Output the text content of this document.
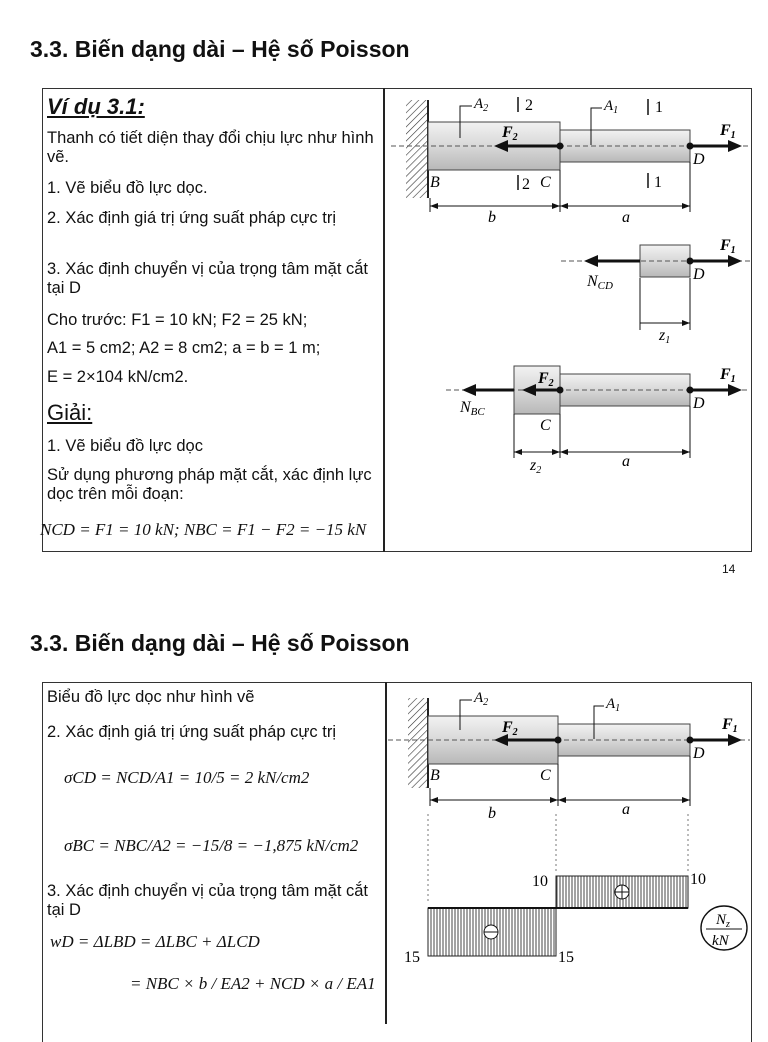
3.3. Biến dạng dài – Hệ số Poisson
Ví dụ 3.1:
Thanh có tiết diện thay đổi chịu lực như hình vẽ.
1. Vẽ biểu đồ lực dọc.
2. Xác định giá trị ứng suất pháp cực trị
3. Xác định chuyển vị của trọng tâm mặt cắt tại D
Cho trước: F1 = 10 kN; F2 = 25 kN;
A1 = 5 cm2; A2 = 8 cm2; a = b = 1 m;
E = 2×104 kN/cm2.
Giải:
1. Vẽ biểu đồ lực dọc
Sử dụng phương pháp mặt cắt, xác định lực dọc trên mỗi đoạn:
NCD = F1 = 10 kN; NBC = F1 − F2 = −15 kN
F2	F1
B	C
D
$A_2$	$A_1$
2
2
1
1
b	a
F1
D
NCD
z1
F2
F1
D
NBC
C
z2
a
14
3.3. Biến dạng dài – Hệ số Poisson
Biểu đồ lực dọc như hình vẽ
2. Xác định giá trị ứng suất pháp cực trị
σCD = NCD/A1 = 10/5 = 2 kN/cm2
σBC = NBC/A2 = −15/8 = −1,875 kN/cm2
3. Xác định chuyển vị của trọng tâm mặt cắt tại D
wD = ΔLBD = ΔLBC + ΔLCD
= NBC × b / EA2 + NCD × a / EA1
F2	F1
B	C
D
$A_2$	$A_1$
b	a
10	10
15	15
$N_z$
kN
